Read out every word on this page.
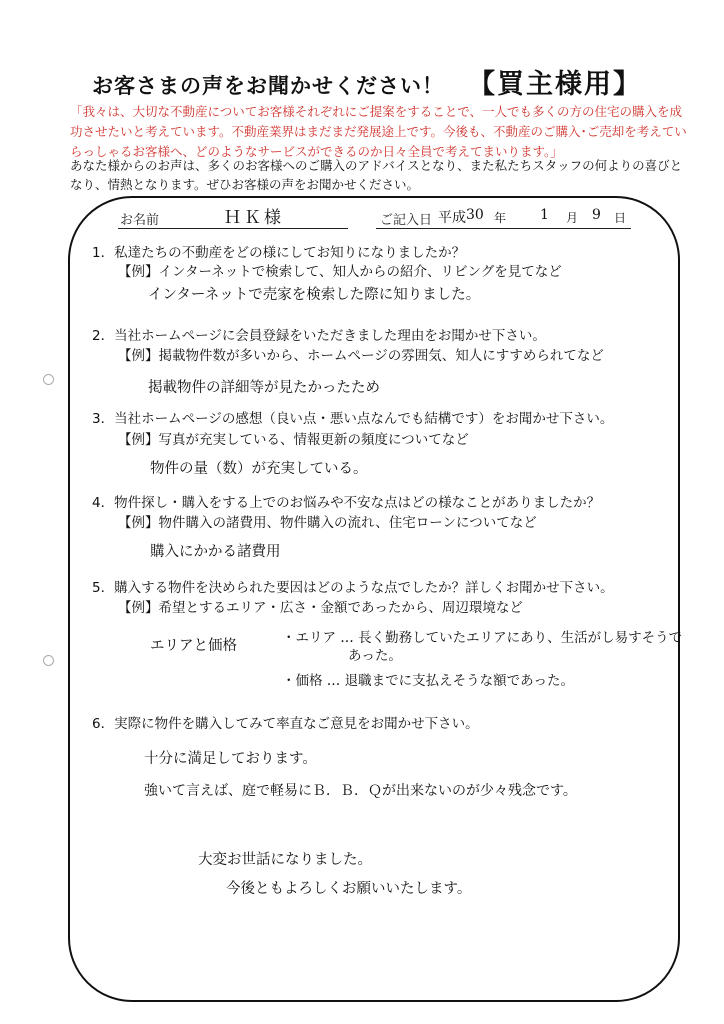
お客さまの声をお聞かせください！ 【買主様用】
「我々は、大切な不動産についてお客様それぞれにご提案をすることで、一人でも多くの方の住宅の購入を成功させたいと考えています。不動産業界はまだまだ発展途上です。今後も、不動産のご購入･ご売却を考えていらっしゃるお客様へ、どのようなサービスができるのか日々全員で考えてまいります。」
あなた様からのお声は、多くのお客様へのご購入のアドバイスとなり、また私たちスタッフの何よりの喜びとなり、情熱となります。ぜひお客様の声をお聞かせください。
お名前	ＨＫ様	ご記入日 平成 30 年 1 月 9 日
1．私達たちの不動産をどの様にしてお知りになりましたか？
【例】インターネットで検索して、知人からの紹介、リビングを見てなど
インターネットで売家を検索した際に知りました。
2．当社ホームページに会員登録をいただきました理由をお聞かせ下さい。
【例】掲載物件数が多いから、ホームページの雰囲気、知人にすすめられてなど
掲載物件の詳細等が見たかったため
3．当社ホームページの感想（良い点・悪い点なんでも結構です）をお聞かせ下さい。
【例】写真が充実している、情報更新の頻度についてなど
物件の量（数）が充実している。
4．物件探し・購入をする上でのお悩みや不安な点はどの様なことがありましたか？
【例】物件購入の諸費用、物件購入の流れ、住宅ローンについてなど
購入にかかる諸費用
5．購入する物件を決められた要因はどのような点でしたか？詳しくお聞かせ下さい。
【例】希望とするエリア・広さ・金額であったから、周辺環境など
エリアと価格	・エリア … 長く勤務していたエリアにあり、生活がし易すそうで
あった。
・価格 … 退職までに支払えそうな額であった。
6．実際に物件を購入してみて率直なご意見をお聞かせ下さい。
十分に満足しております。
強いて言えば、庭で軽易にＢ．Ｂ．Ｑが出来ないのが少々残念です。
大変お世話になりました。
今後ともよろしくお願いいたします。
